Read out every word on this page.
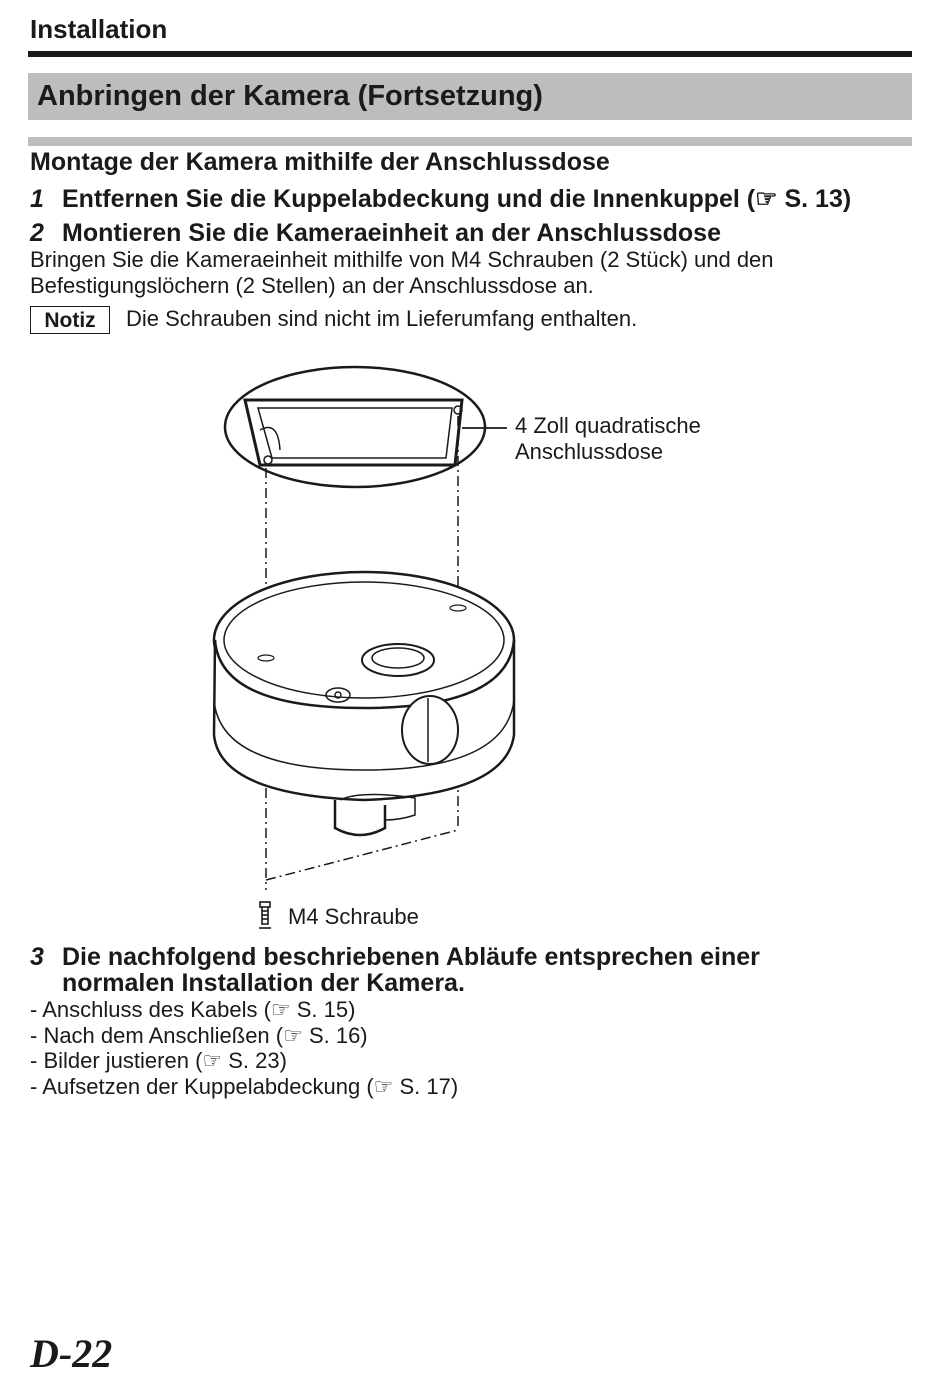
Installation
Anbringen der Kamera (Fortsetzung)
Montage der Kamera mithilfe der Anschlussdose
1 Entfernen Sie die Kuppelabdeckung und die Innenkuppel (☞ S. 13)
2 Montieren Sie die Kameraeinheit an der Anschlussdose
Bringen Sie die Kameraeinheit mithilfe von M4 Schrauben (2 Stück) und den
Befestigungslöchern (2 Stellen) an der Anschlussdose an.
Notiz	Die Schrauben sind nicht im Lieferumfang enthalten.
4 Zoll quadratische
Anschlussdose
M4 Schraube
3 Die nachfolgend beschriebenen Abläufe entsprechen einer
normalen Installation der Kamera.
- Anschluss des Kabels (☞ S. 15)
- Nach dem Anschließen (☞ S. 16)
- Bilder justieren (☞ S. 23)
- Aufsetzen der Kuppelabdeckung (☞ S. 17)
D-22
